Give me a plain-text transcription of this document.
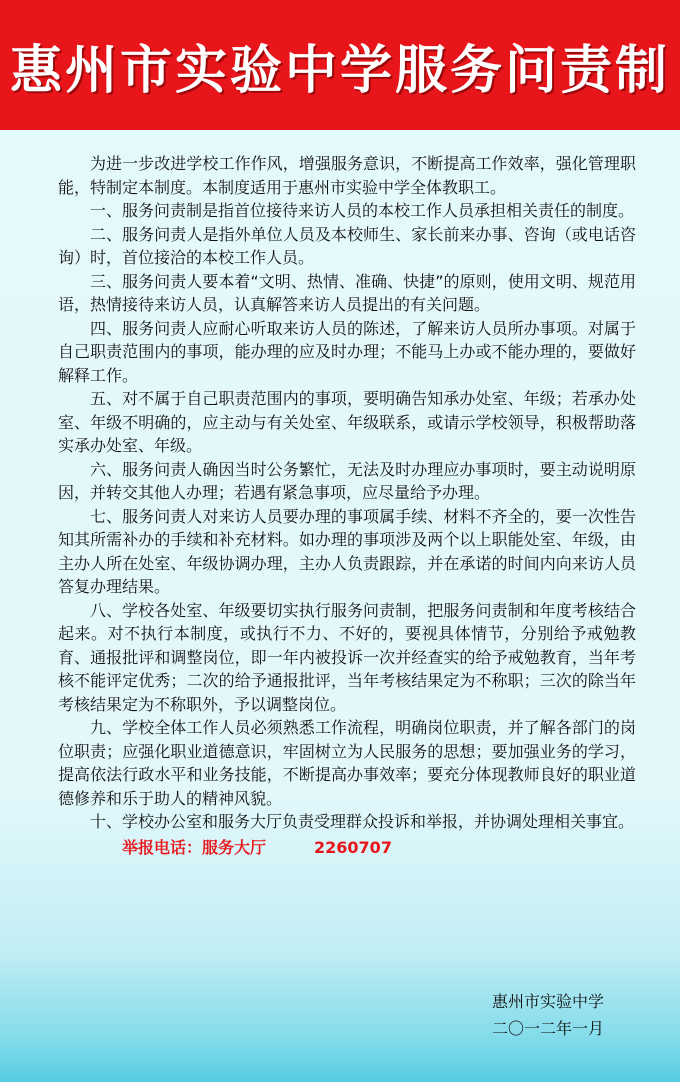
惠州市实验中学服务问责制

为进一步改进学校工作作风，增强服务意识，不断提高工作效率，强化管理职能，特制定本制度。本制度适用于惠州市实验中学全体教职工。

一、服务问责制是指首位接待来访人员的本校工作人员承担相关责任的制度。

二、服务问责人是指外单位人员及本校师生、家长前来办事、咨询（或电话咨询）时，首位接洽的本校工作人员。

三、服务问责人要本着“文明、热情、准确、快捷”的原则，使用文明、规范用语，热情接待来访人员，认真解答来访人员提出的有关问题。

四、服务问责人应耐心听取来访人员的陈述，了解来访人员所办事项。对属于自己职责范围内的事项，能办理的应及时办理；不能马上办或不能办理的，要做好解释工作。

五、对不属于自己职责范围内的事项，要明确告知承办处室、年级；若承办处室、年级不明确的，应主动与有关处室、年级联系，或请示学校领导，积极帮助落实承办处室、年级。

六、服务问责人确因当时公务繁忙，无法及时办理应办事项时，要主动说明原因，并转交其他人办理；若遇有紧急事项，应尽量给予办理。

七、服务问责人对来访人员要办理的事项属手续、材料不齐全的，要一次性告知其所需补办的手续和补充材料。如办理的事项涉及两个以上职能处室、年级，由主办人所在处室、年级协调办理，主办人负责跟踪，并在承诺的时间内向来访人员答复办理结果。

八、学校各处室、年级要切实执行服务问责制，把服务问责制和年度考核结合起来。对不执行本制度，或执行不力、不好的，要视具体情节，分别给予戒勉教育、通报批评和调整岗位，即一年内被投诉一次并经查实的给予戒勉教育，当年考核不能评定优秀；二次的给予通报批评，当年考核结果定为不称职；三次的除当年考核结果定为不称职外，予以调整岗位。

九、学校全体工作人员必须熟悉工作流程，明确岗位职责，并了解各部门的岗位职责；应强化职业道德意识，牢固树立为人民服务的思想；要加强业务的学习，提高依法行政水平和业务技能，不断提高办事效率；要充分体现教师良好的职业道德修养和乐于助人的精神风貌。

十、学校办公室和服务大厅负责受理群众投诉和举报，并协调处理相关事宜。

举报电话：服务大厅	2260707
惠州市实验中学
二〇一二年一月
